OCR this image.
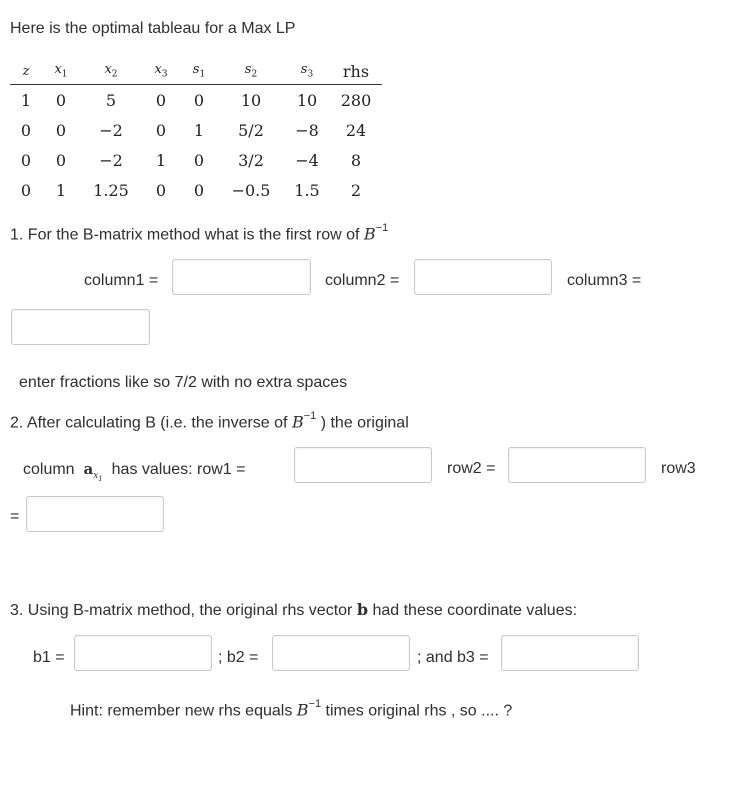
Here is the optimal tableau for a Max LP
z	$x_1$	$x_2$	$x_3$	$s_1$	$s_2$	$s_3$	rhs
1	0	5	0	0	10	10	280
0	0	−2	0	1	5/2	−8	24
0	0	−2	1	0	3/2	−4	8
0	1	1.25	0	0	−0.5	1.5	2
1. For the B-matrix method what is the first row of $B^{-1}$
column1 =	column2 =	column3 =
enter fractions like so 7/2 with no extra spaces
2. After calculating B (i.e. the inverse of $B^{-1}$ ) the original
column $a_{x_1}$  has values: row1 =	row2 =	row3
=
3. Using B-matrix method, the original rhs vector b had these coordinate values:
b1 =	; b2 =	; and b3 =
Hint: remember new rhs equals $B^{-1}$ times original rhs , so .... ?
